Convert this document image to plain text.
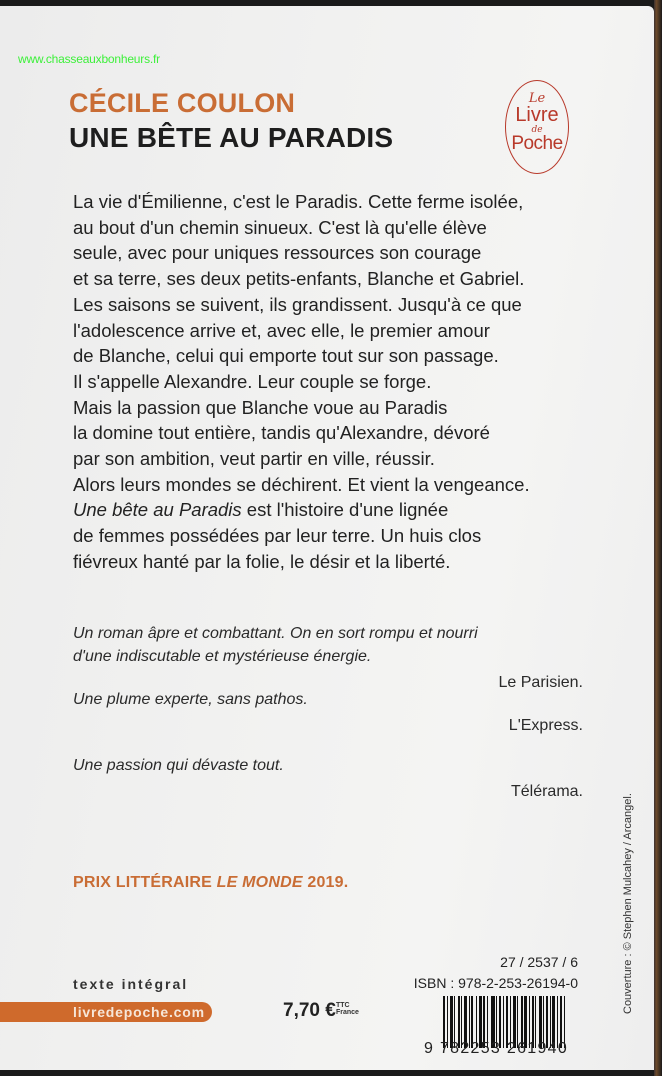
www.chasseauxbonheurs.fr
CÉCILE COULON
UNE BÊTE AU PARADIS
Le
Livre
de
Poche

La vie d'Émilienne, c'est le Paradis. Cette ferme isolée,

au bout d'un chemin sinueux. C'est là qu'elle élève

seule, avec pour uniques ressources son courage

et sa terre, ses deux petits-enfants, Blanche et Gabriel.

Les saisons se suivent, ils grandissent. Jusqu'à ce que

l'adolescence arrive et, avec elle, le premier amour

de Blanche, celui qui emporte tout sur son passage.

Il s'appelle Alexandre. Leur couple se forge.

Mais la passion que Blanche voue au Paradis

la domine tout entière, tandis qu'Alexandre, dévoré

par son ambition, veut partir en ville, réussir.

Alors leurs mondes se déchirent. Et vient la vengeance.

Une bête au Paradis est l'histoire d'une lignée

de femmes possédées par leur terre. Un huis clos

fiévreux hanté par la folie, le désir et la liberté.

Un roman âpre et combattant. On en sort rompu et nourri

d'une indiscutable et mystérieuse énergie.

Le Parisien.

Une plume experte, sans pathos.

L'Express.

Une passion qui dévaste tout.

Télérama.
PRIX LITTÉRAIRE LE MONDE 2019.
texte intégral
livredepoche.com	7,70 € TTC
France
27 / 2537 / 6
ISBN : 978-2-253-26194-0
9 782253 261940
Couverture : © Stephen Mulcahey / Arcangel.
